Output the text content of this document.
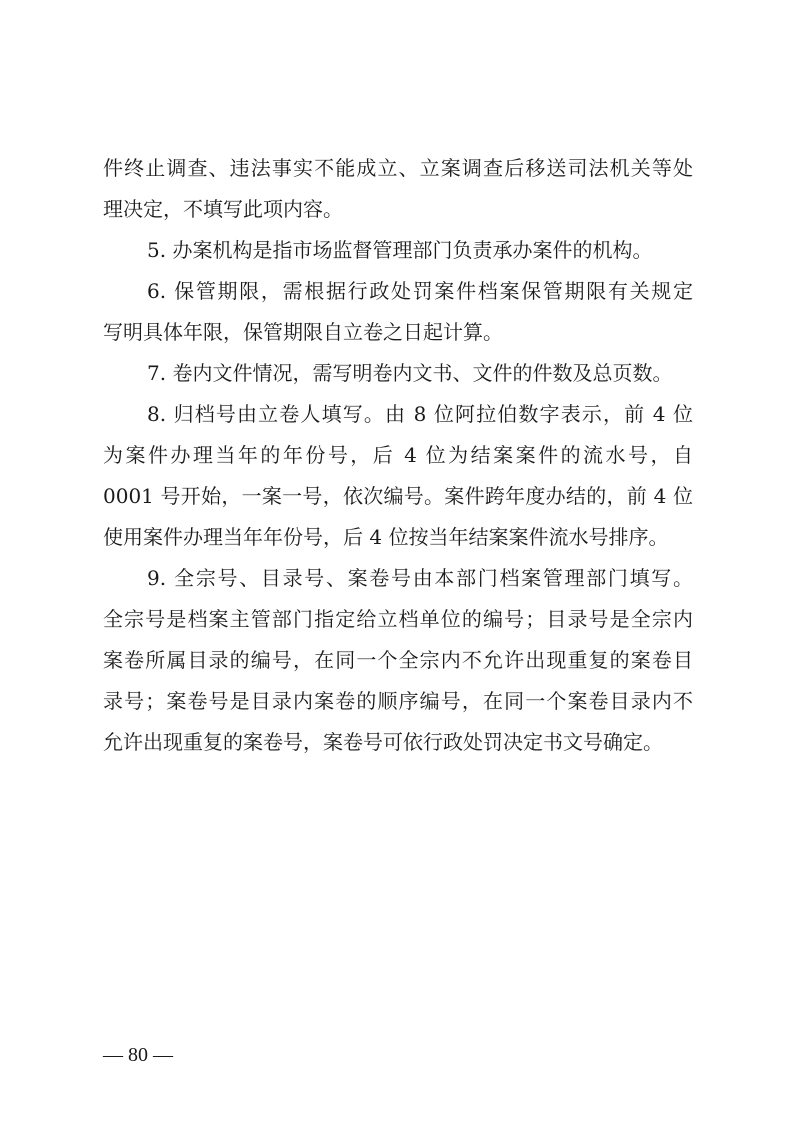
件终止调查、违法事实不能成立、立案调查后移送司法机关等处
理决定，不填写此项内容。
5. 办案机构是指市场监督管理部门负责承办案件的机构。
6. 保管期限，需根据行政处罚案件档案保管期限有关规定
写明具体年限，保管期限自立卷之日起计算。
7. 卷内文件情况，需写明卷内文书、文件的件数及总页数。
8. 归档号由立卷人填写。由 8 位阿拉伯数字表示，前 4 位
为案件办理当年的年份号，后 4 位为结案案件的流水号，自
0001 号开始，一案一号，依次编号。案件跨年度办结的，前 4 位
使用案件办理当年年份号，后 4 位按当年结案案件流水号排序。
9. 全宗号、目录号、案卷号由本部门档案管理部门填写。
全宗号是档案主管部门指定给立档单位的编号；目录号是全宗内
案卷所属目录的编号，在同一个全宗内不允许出现重复的案卷目
录号；案卷号是目录内案卷的顺序编号，在同一个案卷目录内不
允许出现重复的案卷号，案卷号可依行政处罚决定书文号确定。
— 80 —
